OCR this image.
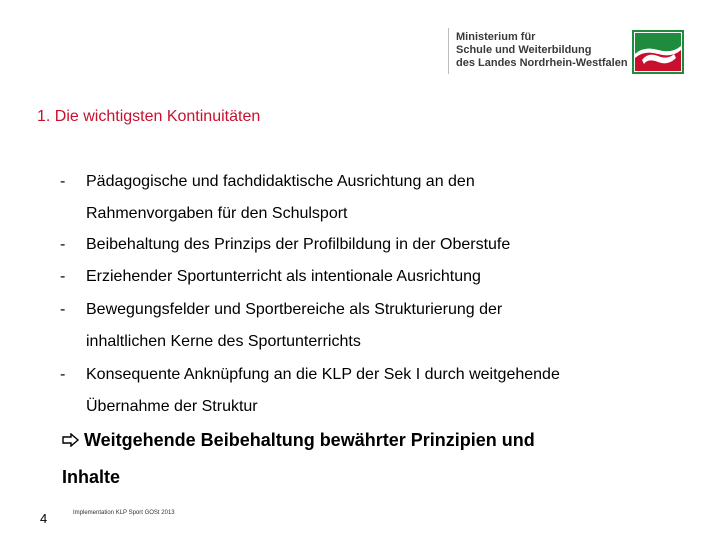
Ministerium für
Schule und Weiterbildung
des Landes Nordrhein-Westfalen
1. Die wichtigsten Kontinuitäten
- Pädagogische und fachdidaktische Ausrichtung an den
Rahmenvorgaben für den Schulsport
- Beibehaltung des Prinzips der Profilbildung in der Oberstufe
- Erziehender Sportunterricht als intentionale Ausrichtung
- Bewegungsfelder und Sportbereiche als Strukturierung der
inhaltlichen Kerne des Sportunterrichts
- Konsequente Anknüpfung an die KLP der Sek I durch weitgehende
Übernahme der Struktur
Weitgehende Beibehaltung bewährter Prinzipien und
Inhalte
4	Implementation KLP Sport GOSt 2013
